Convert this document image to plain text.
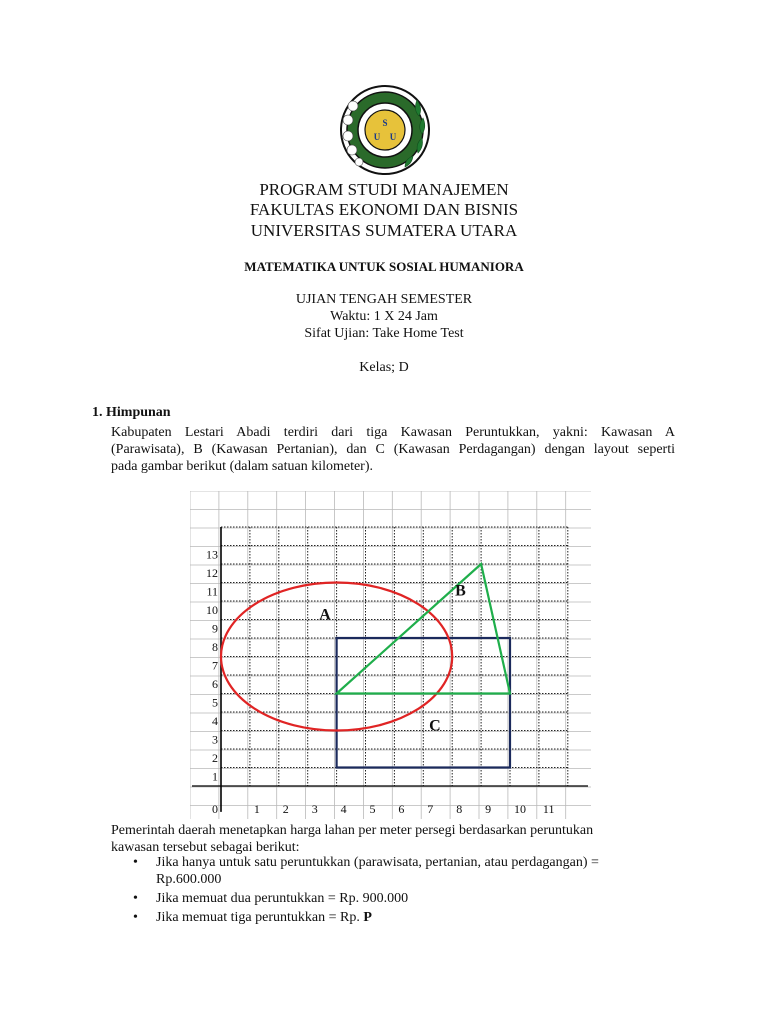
S
U U
PROGRAM STUDI MANAJEMEN
FAKULTAS EKONOMI DAN BISNIS
UNIVERSITAS SUMATERA UTARA
MATEMATIKA UNTUK SOSIAL HUMANIORA
UJIAN TENGAH SEMESTER
Waktu: 1 X 24 Jam
Sifat Ujian: Take Home Test
Kelas; D
1. Himpunan
Kabupaten Lestari Abadi terdiri dari tiga Kawasan Peruntukkan, yakni: Kawasan A
(Parawisata), B (Kawasan Pertanian), dan C (Kawasan Perdagangan) dengan layout seperti
pada gambar berikut (dalam satuan kilometer).
0	1 2 3 4 5 6 7 8 9 10 11
1
2
3
4
5
6
7
8
9
10
11
12
13
A
B
C
Pemerintah daerah menetapkan harga lahan per meter persegi berdasarkan peruntukan
kawasan tersebut sebagai berikut:
• Jika hanya untuk satu peruntukkan (parawisata, pertanian, atau perdagangan) =
Rp.600.000
• Jika memuat dua peruntukkan = Rp. 900.000
• Jika memuat tiga peruntukkan = Rp. P
